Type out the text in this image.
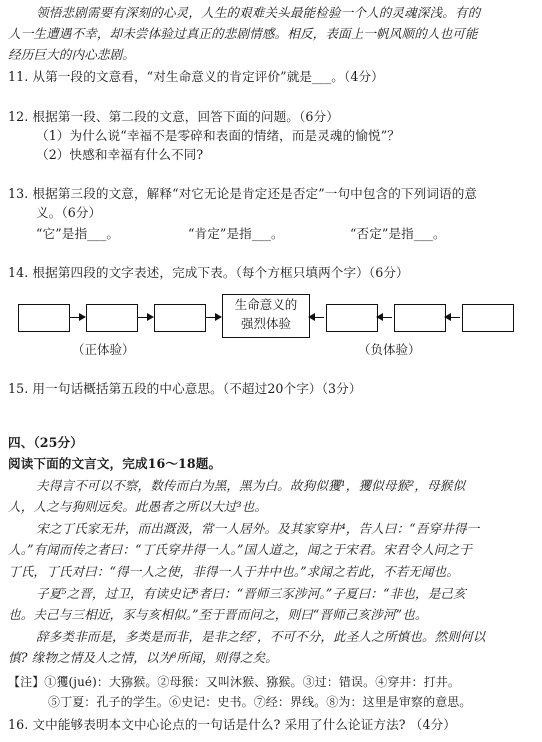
领悟悲剧需要有深刻的心灵，人生的艰难关头最能检验一个人的灵魂深浅。有的
人一生遭遇不幸，却未尝体验过真正的悲剧情感。相反，表面上一帆风顺的人也可能
经历巨大的内心悲剧。
11. 从第一段的文意看，“对生命意义的肯定评价”就是___。（4分）
12. 根据第一段、第二段的文意，回答下面的问题。（6分）
（1）为什么说“幸福不是零碎和表面的情绪，而是灵魂的愉悦”？
（2）快感和幸福有什么不同?
13. 根据第三段的文意，解释“对它无论是肯定还是否定”一句中包含的下列词语的意
义。（6分）
“它”是指___。	“肯定”是指___。	“否定”是指___。
14. 根据第四段的文字表述，完成下表。（每个方框只填两个字）（6分）
生命意义的
强烈体验
（正体验）	（负体验）
15. 用一句话概括第五段的中心意思。（不超过20个字）（3分）
四、（25分）
阅读下面的文言文，完成16～18题。
夫得言不可以不察，数传而白为黑，黑为白。故狗似玃¹，玃似母猴²，母猴似
人，人之与狗则远矣。此愚者之所以大过³也。
宋之丁氏家无井，而出溉汲，常一人居外。及其家穿井⁴，告人曰：“吾穿井得一
人。”有闻而传之者曰：“丁氏穿井得一人。”国人道之，闻之于宋君。宋君令人问之于
丁氏，丁氏对曰：“得一人之使，非得一人于井中也。”求闻之若此，不若无闻也。
子夏⁵之晋，过卫，有读史记⁶者曰：“晋师三豕涉河。”子夏曰：“非也，是己亥
也。夫己与三相近，豕与亥相似。”至于晋而问之，则曰“晋师己亥涉河”也。
辞多类非而是，多类是而非，是非之经⁷，不可不分，此圣人之所慎也。然则何以
慎? 缘物之情及人之情，以为⁸所闻，则得之矣。
【注】①玃(jué)：大猕猴。②母猴：又叫沐猴、猕猴。③过：错误。④穿井：打井。
⑤丁夏：孔子的学生。⑥史记：史书。⑦经：界线。⑧为：这里是审察的意思。
16. 文中能够表明本文中心论点的一句话是什么? 采用了什么论证方法? （4分）
